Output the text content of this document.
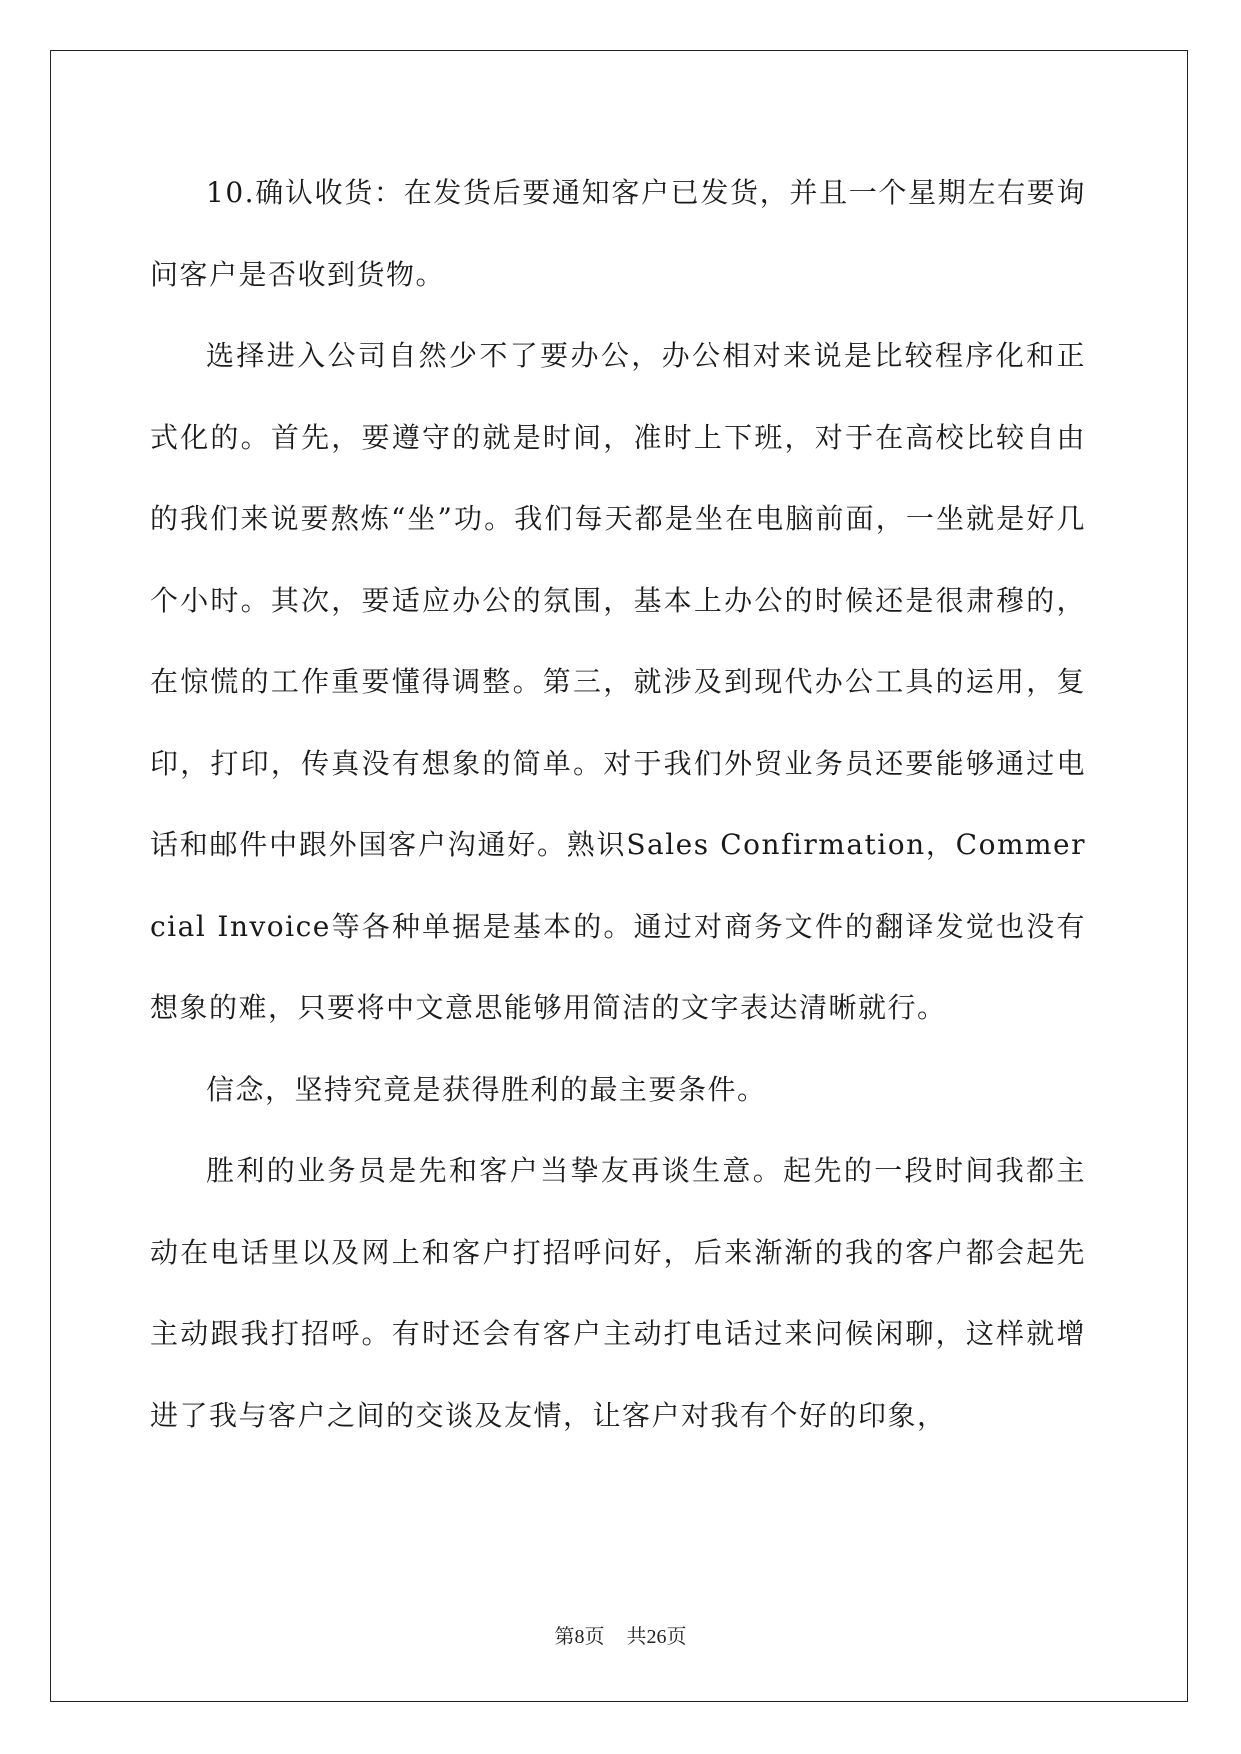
10.确认收货：在发货后要通知客户已发货，并且一个星期左右要询问客户是否收到货物。

选择进入公司自然少不了要办公，办公相对来说是比较程序化和正式化的。首先，要遵守的就是时间，准时上下班，对于在高校比较自由的我们来说要熬炼“坐”功。我们每天都是坐在电脑前面，一坐就是好几个小时。其次，要适应办公的氛围，基本上办公的时候还是很肃穆的，在惊慌的工作重要懂得调整。第三，就涉及到现代办公工具的运用，复印，打印，传真没有想象的简单。对于我们外贸业务员还要能够通过电话和邮件中跟外国客户沟通好。熟识Sales Confirmation，Commercial Invoice等各种单据是基本的。通过对商务文件的翻译发觉也没有想象的难，只要将中文意思能够用简洁的文字表达清晰就行。

信念，坚持究竟是获得胜利的最主要条件。

胜利的业务员是先和客户当挚友再谈生意。起先的一段时间我都主动在电话里以及网上和客户打招呼问好，后来渐渐的我的客户都会起先主动跟我打招呼。有时还会有客户主动打电话过来问候闲聊，这样就增进了我与客户之间的交谈及友情，让客户对我有个好的印象，

第8页 共26页
